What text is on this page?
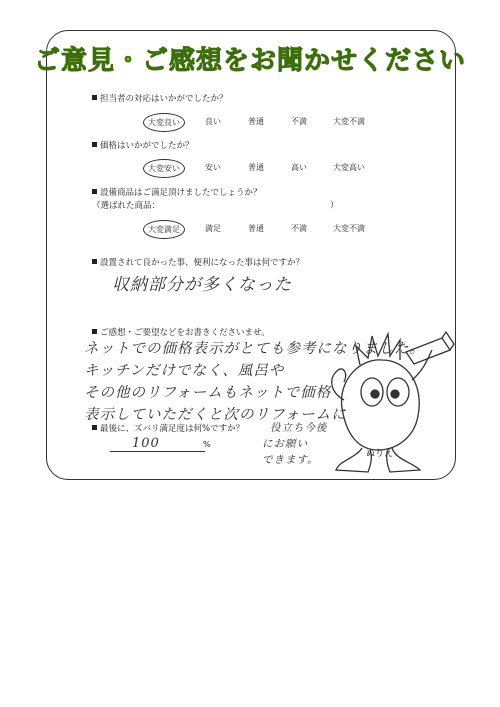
ご意見・ご感想をお聞かせください
担当者の対応はいかがでしたか？
大変良い	良い	普通	不満	大変不満
価格はいかがでしたか？
大変安い	安い	普通	高い	大変高い
設備商品はご満足頂けましたでしょうか？
（選ばれた商品：	）
大変満足	満足	普通	不満	大変不満
設置されて良かった事、便利になった事は何ですか？
収納部分が多くなった
ご感想・ご要望などをお書きくださいませ。
ネットでの価格表示がとても参考になりました。
キッチンだけでなく、風呂や
その他のリフォームもネットで価格
表示していただくと次のリフォームに
役立ち今後
にお願い
できます。
最後に、ズバリ満足度は何%ですか？
100	%
ぬりえ
